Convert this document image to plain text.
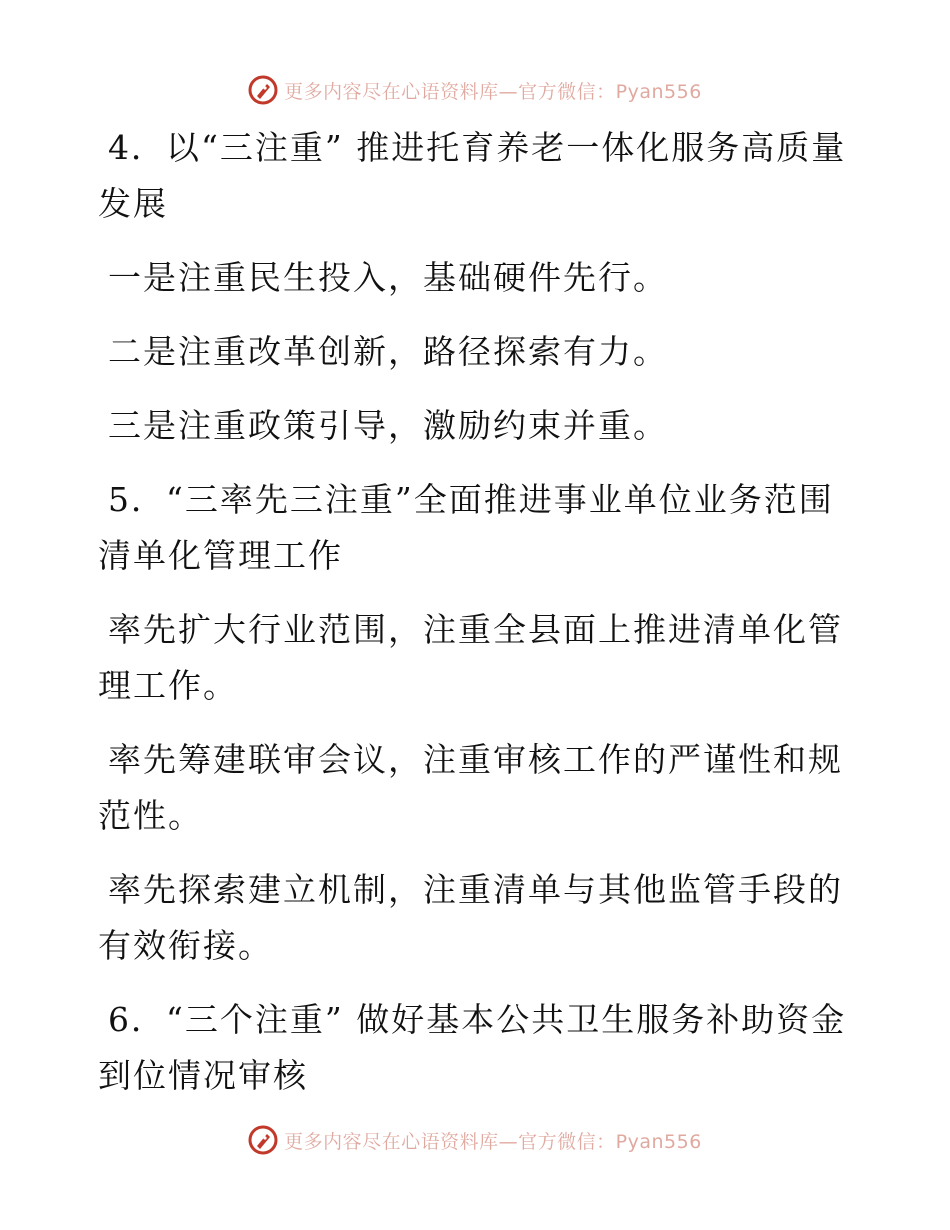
更多内容尽在心语资料库—官方微信：Pyan556

4．以“三注重” 推进托育养老一体化服务高质量发展

一是注重民生投入，基础硬件先行。

二是注重改革创新，路径探索有力。

三是注重政策引导，激励约束并重。

5．“三率先三注重”全面推进事业单位业务范围清单化管理工作

率先扩大行业范围，注重全县面上推进清单化管理工作。

率先筹建联审会议，注重审核工作的严谨性和规范性。

率先探索建立机制，注重清单与其他监管手段的有效衔接。

6．“三个注重” 做好基本公共卫生服务补助资金到位情况审核

更多内容尽在心语资料库—官方微信：Pyan556
